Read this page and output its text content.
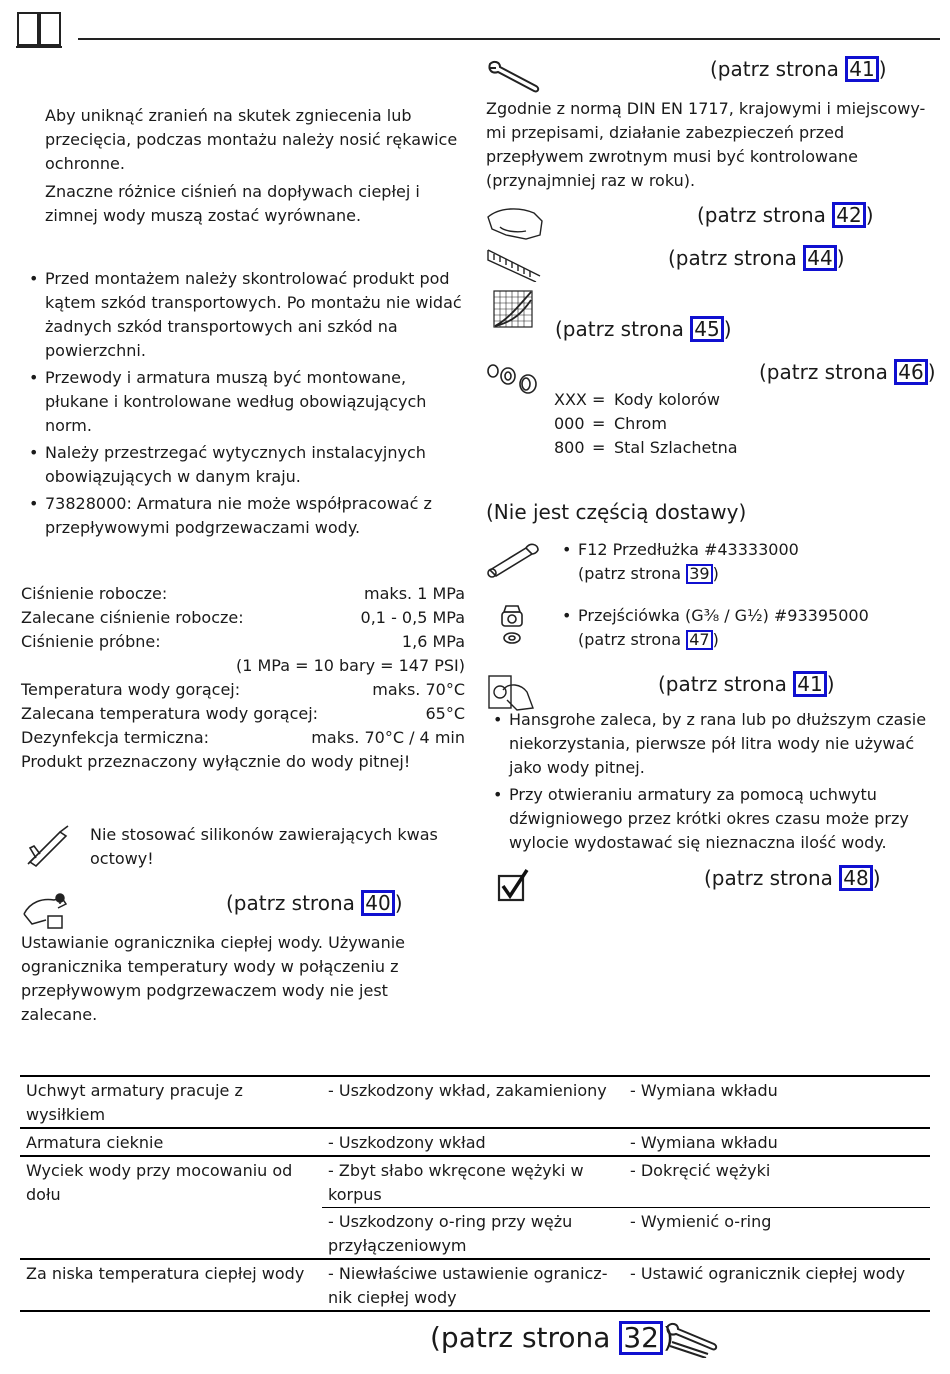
Aby uniknąć zranień na skutek zgniecenia lub przecięcia, podczas montażu należy nosić rękawice ochronne.
Znaczne różnice ciśnień na dopływach ciepłej i zimnej wody muszą zostać wyrównane.
• Przed montażem należy skontrolować produkt pod kątem szkód transportowych. Po montażu nie widać żadnych szkód transportowych ani szkód na powierzchni.
• Przewody i armatura muszą być montowane, płukane i kontrolowane według obowiązujących norm.
• Należy przestrzegać wytycznych instalacyjnych obowiązujących w danym kraju.
• 73828000: Armatura nie może współpracować z przepływowymi podgrzewaczami wody.
Ciśnienie robocze:	maks. 1 MPa
Zalecane ciśnienie robocze:	0,1 - 0,5 MPa
Ciśnienie próbne:	1,6 MPa
(1 MPa = 10 bary = 147 PSI)
Temperatura wody gorącej:	maks. 70°C
Zalecana temperatura wody gorącej:	65°C
Dezynfekcja termiczna:	maks. 70°C / 4 min
Produkt przeznaczony wyłącznie do wody pitnej!
Nie stosować silikonów zawierających kwas octowy!
(patrz strona 40 )
Ustawianie ogranicznika ciepłej wody. Używanie ogranicznika temperatury wody w połączeniu z przepływowym podgrzewaczem wody nie jest zalecane.
(patrz strona 41 )
Zgodnie z normą DIN EN 1717, krajowymi i miejscowy-mi przepisami, działanie zabezpieczeń przed przepływem zwrotnym musi być kontrolowane (przynajmniej raz w roku).
(patrz strona 42 )
(patrz strona 44 )
(patrz strona 45 )
(patrz strona 46 )
XXX = Kody kolorów
000 = Chrom
800 = Stal Szlachetna
(Nie jest częścią dostawy)
• F12 Przedłużka #43333000
(patrz strona 39 )
• Przejściówka (G³⁄₈ / G½) #93395000
(patrz strona 47 )
(patrz strona 41 )
• Hansgrohe zaleca, by z rana lub po dłuższym czasie niekorzystania, pierwsze pół litra wody nie używać jako wody pitnej.
• Przy otwieraniu armatury za pomocą uchwytu dźwigniowego przez krótki okres czasu może przy wylocie wydostawać się nieznaczna ilość wody.
(patrz strona 48 )
Uchwyt armatury pracuje z wysiłkiem	- Uszkodzony wkład, zakamieniony	- Wymiana wkładu
Armatura cieknie	- Uszkodzony wkład	- Wymiana wkładu
Wyciek wody przy mocowaniu od dołu	- Zbyt słabo wkręcone wężyki w korpus	- Dokręcić wężyki
	- Uszkodzony o-ring przy wężu przyłączeniowym	- Wymienić o-ring
Za niska temperatura ciepłej wody	- Niewłaściwe ustawienie ogranicz-nik ciepłej wody	- Ustawić ogranicznik ciepłej wody
(patrz strona 32 )
